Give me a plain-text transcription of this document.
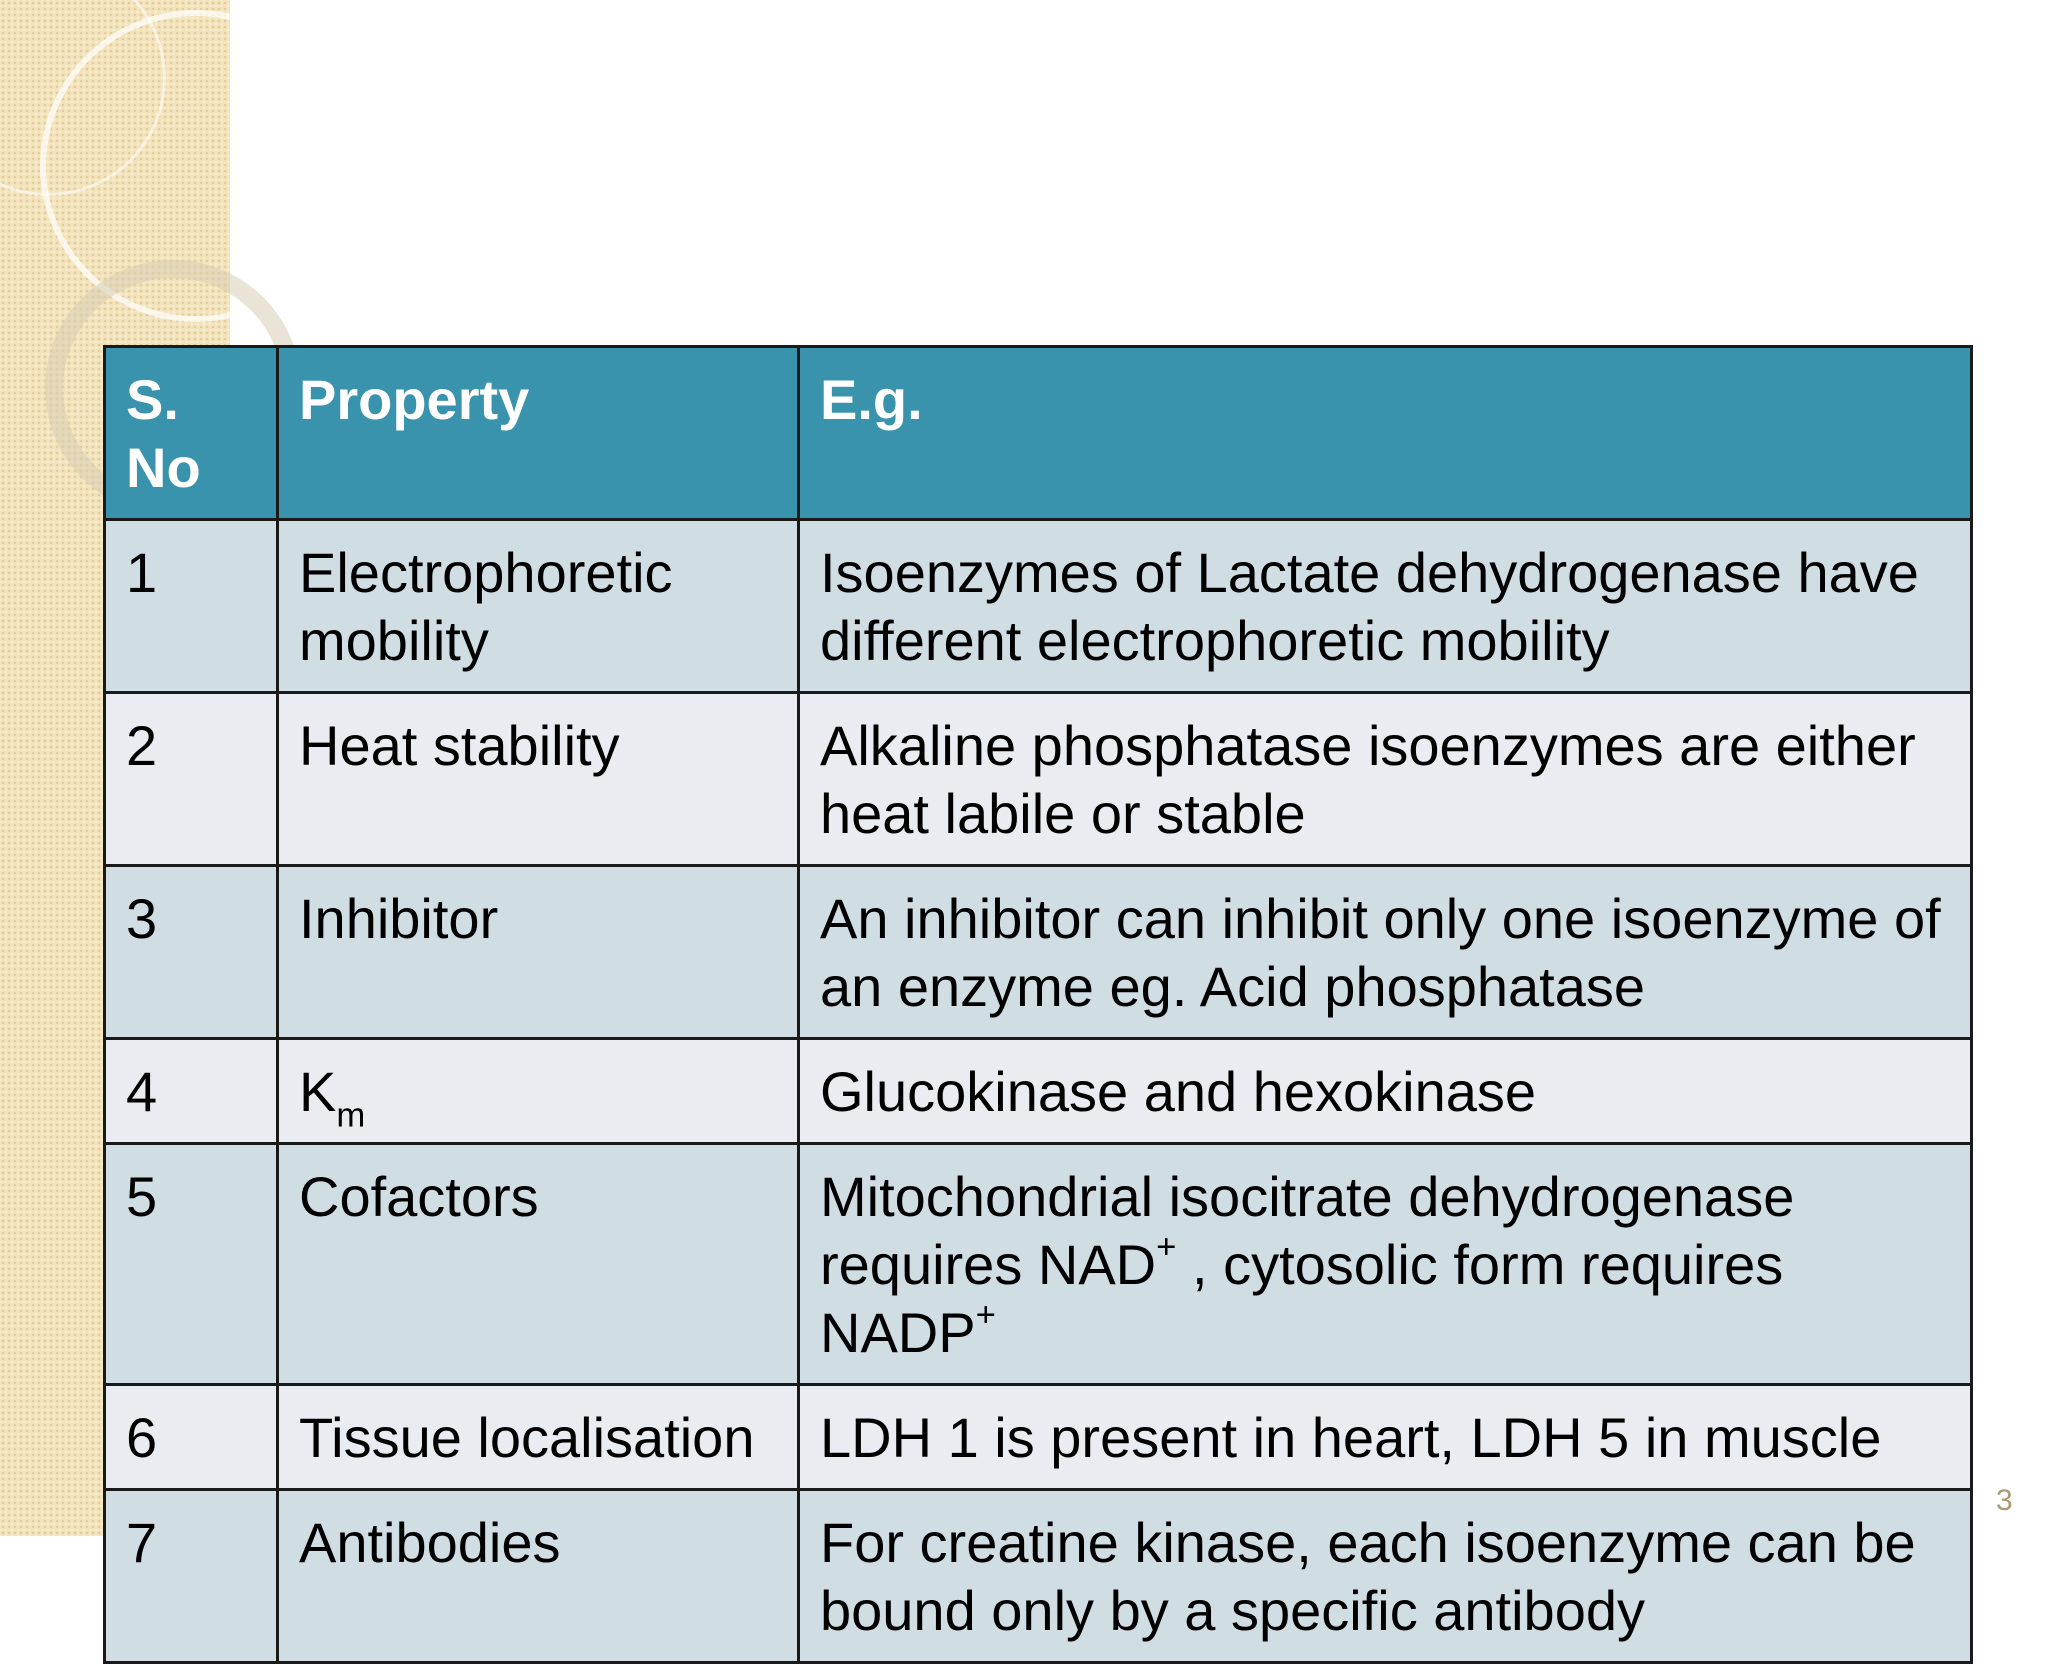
S. No	Property	E.g.
1	Electrophoretic mobility	Isoenzymes of Lactate dehydrogenase have different electrophoretic mobility
2	Heat stability	Alkaline phosphatase isoenzymes are either heat labile or stable
3	Inhibitor	An inhibitor can inhibit only one isoenzyme of an enzyme eg. Acid phosphatase
4	$K_m$	Glucokinase and hexokinase
5	Cofactors	Mitochondrial isocitrate dehydrogenase requires NAD+ , cytosolic form requires NADP+
6	Tissue localisation	LDH 1 is present in heart, LDH 5 in muscle
7	Antibodies	For creatine kinase, each isoenzyme can be bound only by a specific antibody
3
